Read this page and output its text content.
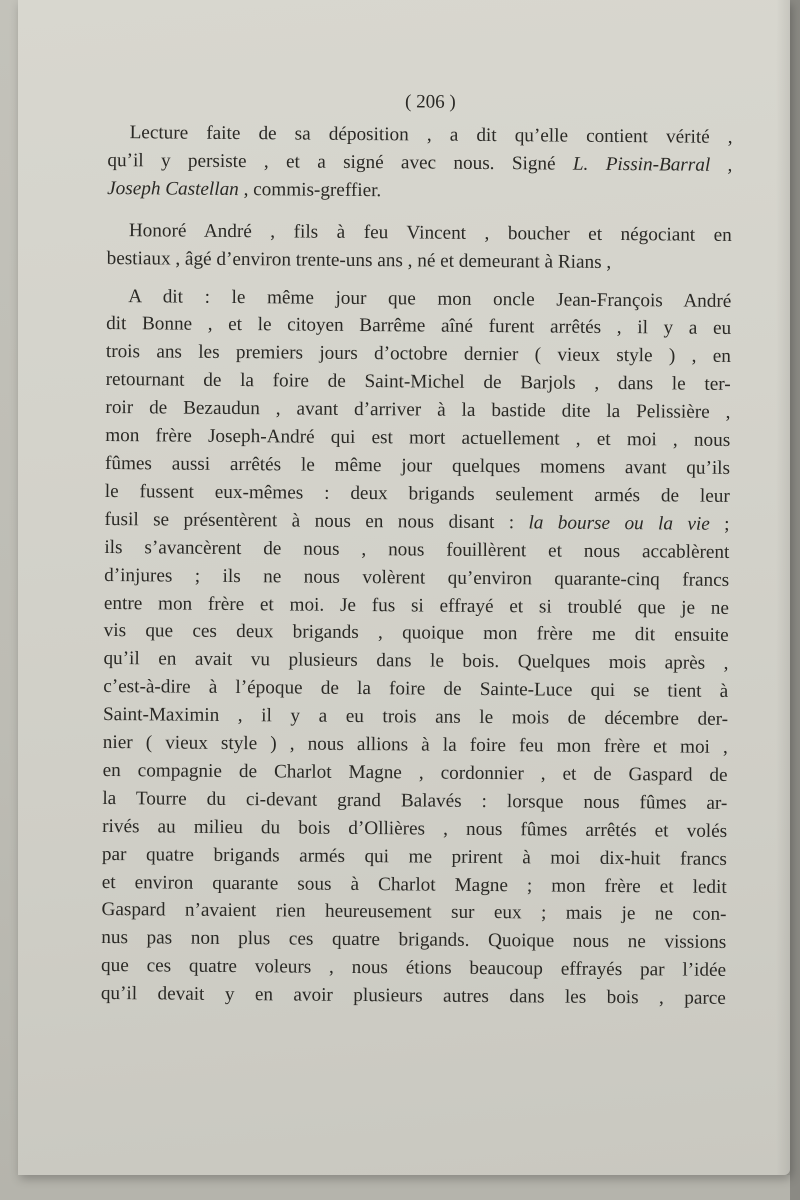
( 206 )
Lecture faite de sa déposition , a dit qu’elle contient vérité ,
qu’il y persiste , et a signé avec nous. Signé L. Pissin-Barral ,
Joseph Castellan , commis-greffier.
Honoré André , fils à feu Vincent , boucher et négociant en
bestiaux , âgé d’environ trente-uns ans , né et demeurant à Rians ,
A dit : le même jour que mon oncle Jean-François André
dit Bonne , et le citoyen Barrême aîné furent arrêtés , il y a eu
trois ans les premiers jours d’octobre dernier ( vieux style ) , en
retournant de la foire de Saint-Michel de Barjols , dans le ter-
roir de Bezaudun , avant d’arriver à la bastide dite la Pelissière ,
mon frère Joseph-André qui est mort actuellement , et moi , nous
fûmes aussi arrêtés le même jour quelques momens avant qu’ils
le fussent eux-mêmes : deux brigands seulement armés de leur
fusil se présentèrent à nous en nous disant : la bourse ou la vie ;
ils s’avancèrent de nous , nous fouillèrent et nous accablèrent
d’injures ; ils ne nous volèrent qu’environ quarante-cinq francs
entre mon frère et moi. Je fus si effrayé et si troublé que je ne
vis que ces deux brigands , quoique mon frère me dit ensuite
qu’il en avait vu plusieurs dans le bois. Quelques mois après ,
c’est-à-dire à l’époque de la foire de Sainte-Luce qui se tient à
Saint-Maximin , il y a eu trois ans le mois de décembre der-
nier ( vieux style ) , nous allions à la foire feu mon frère et moi ,
en compagnie de Charlot Magne , cordonnier , et de Gaspard de
la Tourre du ci-devant grand Balavés : lorsque nous fûmes ar-
rivés au milieu du bois d’Ollières , nous fûmes arrêtés et volés
par quatre brigands armés qui me prirent à moi dix-huit francs
et environ quarante sous à Charlot Magne ; mon frère et ledit
Gaspard n’avaient rien heureusement sur eux ; mais je ne con-
nus pas non plus ces quatre brigands. Quoique nous ne vissions
que ces quatre voleurs , nous étions beaucoup effrayés par l’idée
qu’il devait y en avoir plusieurs autres dans les bois , parce
